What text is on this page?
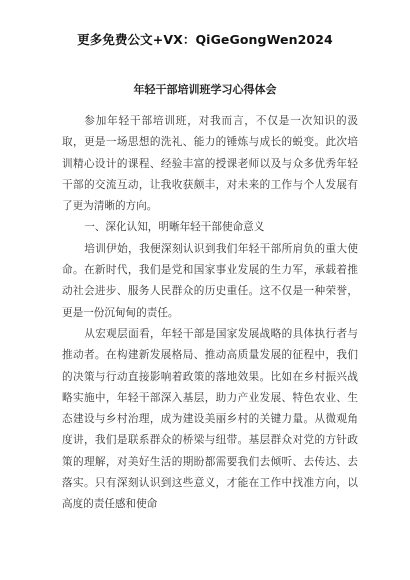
更多免费公文+VX：QiGeGongWen2024
年轻干部培训班学习心得体会

参加年轻干部培训班，对我而言，不仅是一次知识的汲取，更是一场思想的洗礼、能力的锤炼与成长的蜕变。此次培训精心设计的课程、经验丰富的授课老师以及与众多优秀年轻干部的交流互动，让我收获颇丰，对未来的工作与个人发展有了更为清晰的方向。

一、深化认知，明晰年轻干部使命意义

培训伊始，我便深刻认识到我们年轻干部所肩负的重大使命。在新时代，我们是党和国家事业发展的生力军，承载着推动社会进步、服务人民群众的历史重任。这不仅是一种荣誉，更是一份沉甸甸的责任。

从宏观层面看，年轻干部是国家发展战略的具体执行者与推动者。在构建新发展格局、推动高质量发展的征程中，我们的决策与行动直接影响着政策的落地效果。比如在乡村振兴战略实施中，年轻干部深入基层，助力产业发展、特色农业、生态建设与乡村治理，成为建设美丽乡村的关键力量。从微观角度讲，我们是联系群众的桥梁与纽带。基层群众对党的方针政策的理解，对美好生活的期盼都需要我们去倾听、去传达、去落实。只有深刻认识到这些意义，才能在工作中找准方向，以高度的责任感和使命
